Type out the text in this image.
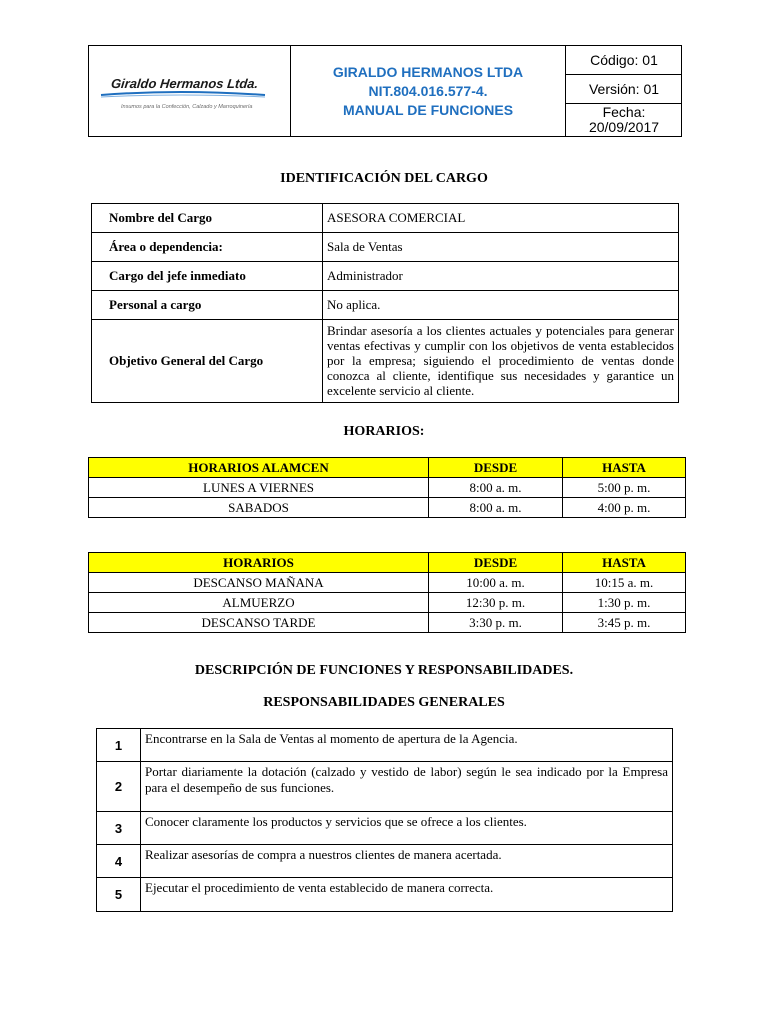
Giraldo Hermanos Ltda.
Insumos para la Confección, Calzado y Marroquinería
GIRALDO HERMANOS LTDA
NIT.804.016.577-4.
MANUAL DE FUNCIONES
Código: 01
Versión: 01
Fecha:
20/09/2017
IDENTIFICACIÓN DEL CARGO
Nombre del Cargo	ASESORA COMERCIAL
Área o dependencia:	Sala de Ventas
Cargo del jefe inmediato	Administrador
Personal a cargo	No aplica.
Objetivo General del Cargo	Brindar asesoría a los clientes actuales y potenciales para generar ventas efectivas y cumplir con los objetivos de venta establecidos por la empresa; siguiendo el procedimiento de ventas donde conozca al cliente, identifique sus necesidades y garantice un excelente servicio al cliente.
HORARIOS:
HORARIOS ALAMCEN	DESDE	HASTA
LUNES A VIERNES	8:00 a. m.	5:00 p. m.
SABADOS	8:00 a. m.	4:00 p. m.
HORARIOS	DESDE	HASTA
DESCANSO MAÑANA	10:00 a. m.	10:15 a. m.
ALMUERZO	12:30 p. m.	1:30 p. m.
DESCANSO TARDE	3:30 p. m.	3:45 p. m.
DESCRIPCIÓN DE FUNCIONES Y RESPONSABILIDADES.
RESPONSABILIDADES GENERALES
1	Encontrarse en la Sala de Ventas al momento de apertura de la Agencia.
2	Portar diariamente la dotación (calzado y vestido de labor) según le sea indicado por la Empresa para el desempeño de sus funciones.
3	Conocer claramente los productos y servicios que se ofrece a los clientes.
4	Realizar asesorías de compra a nuestros clientes de manera acertada.
5	Ejecutar el procedimiento de venta establecido de manera correcta.
